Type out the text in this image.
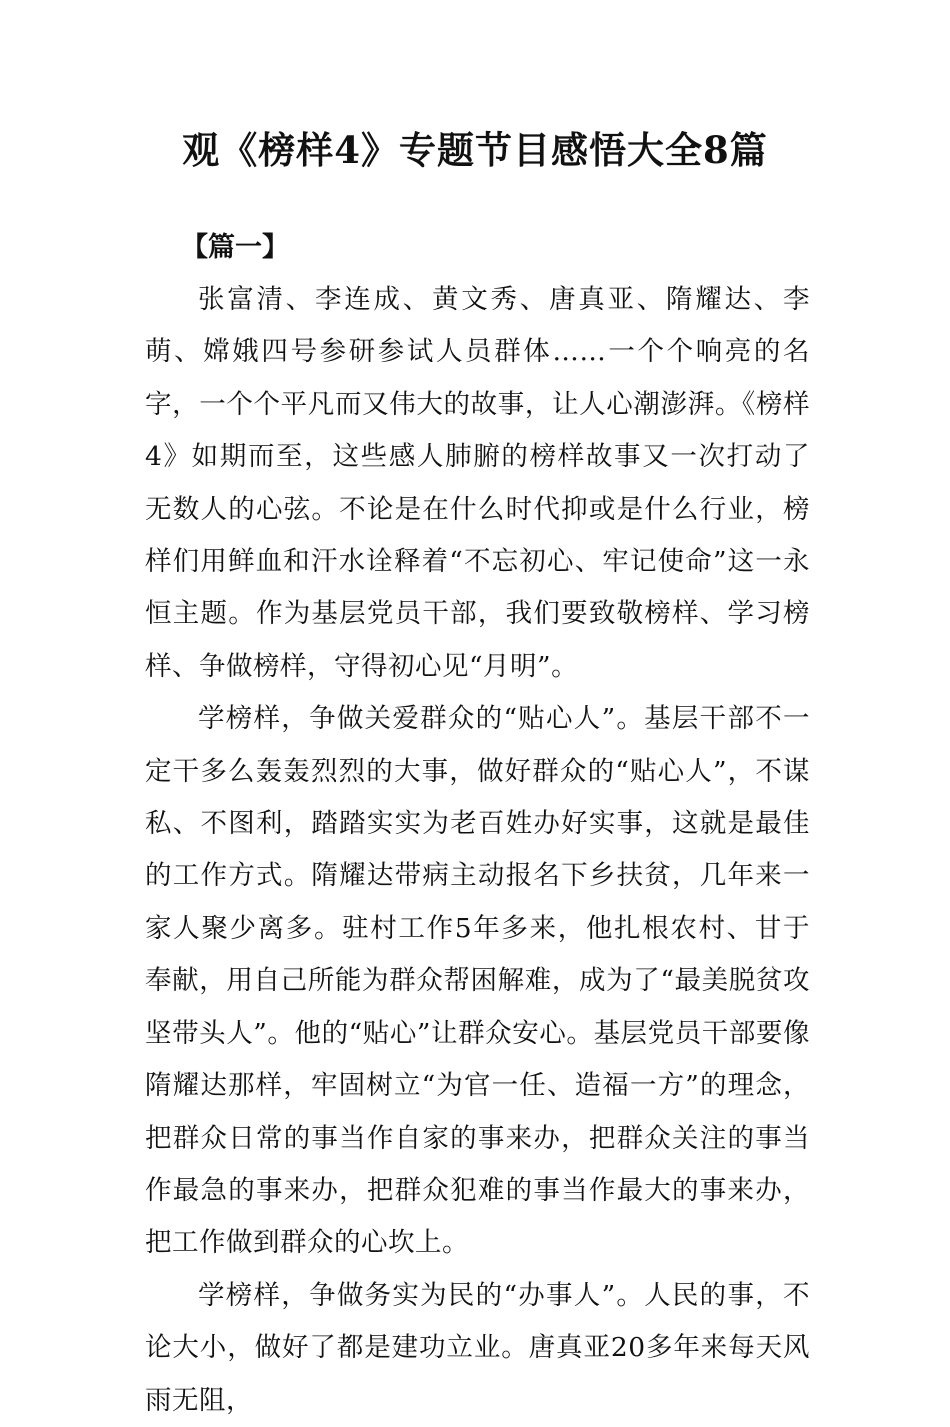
观《榜样4》专题节目感悟大全8篇

【篇一】

张富清、李连成、黄文秀、唐真亚、隋耀达、李萌、嫦娥四号参研参试人员群体……一个个响亮的名字，一个个平凡而又伟大的故事，让人心潮澎湃。《榜样4》如期而至，这些感人肺腑的榜样故事又一次打动了无数人的心弦。不论是在什么时代抑或是什么行业，榜样们用鲜血和汗水诠释着“不忘初心、牢记使命”这一永恒主题。作为基层党员干部，我们要致敬榜样、学习榜样、争做榜样，守得初心见“月明”。

学榜样，争做关爱群众的“贴心人”。基层干部不一定干多么轰轰烈烈的大事，做好群众的“贴心人”，不谋私、不图利，踏踏实实为老百姓办好实事，这就是最佳的工作方式。隋耀达带病主动报名下乡扶贫，几年来一家人聚少离多。驻村工作5年多来，他扎根农村、甘于奉献，用自己所能为群众帮困解难，成为了“最美脱贫攻坚带头人”。他的“贴心”让群众安心。基层党员干部要像隋耀达那样，牢固树立“为官一任、造福一方”的理念，把群众日常的事当作自家的事来办，把群众关注的事当作最急的事来办，把群众犯难的事当作最大的事来办，把工作做到群众的心坎上。

学榜样，争做务实为民的“办事人”。人民的事，不论大小，做好了都是建功立业。唐真亚20多年来每天风雨无阻，
